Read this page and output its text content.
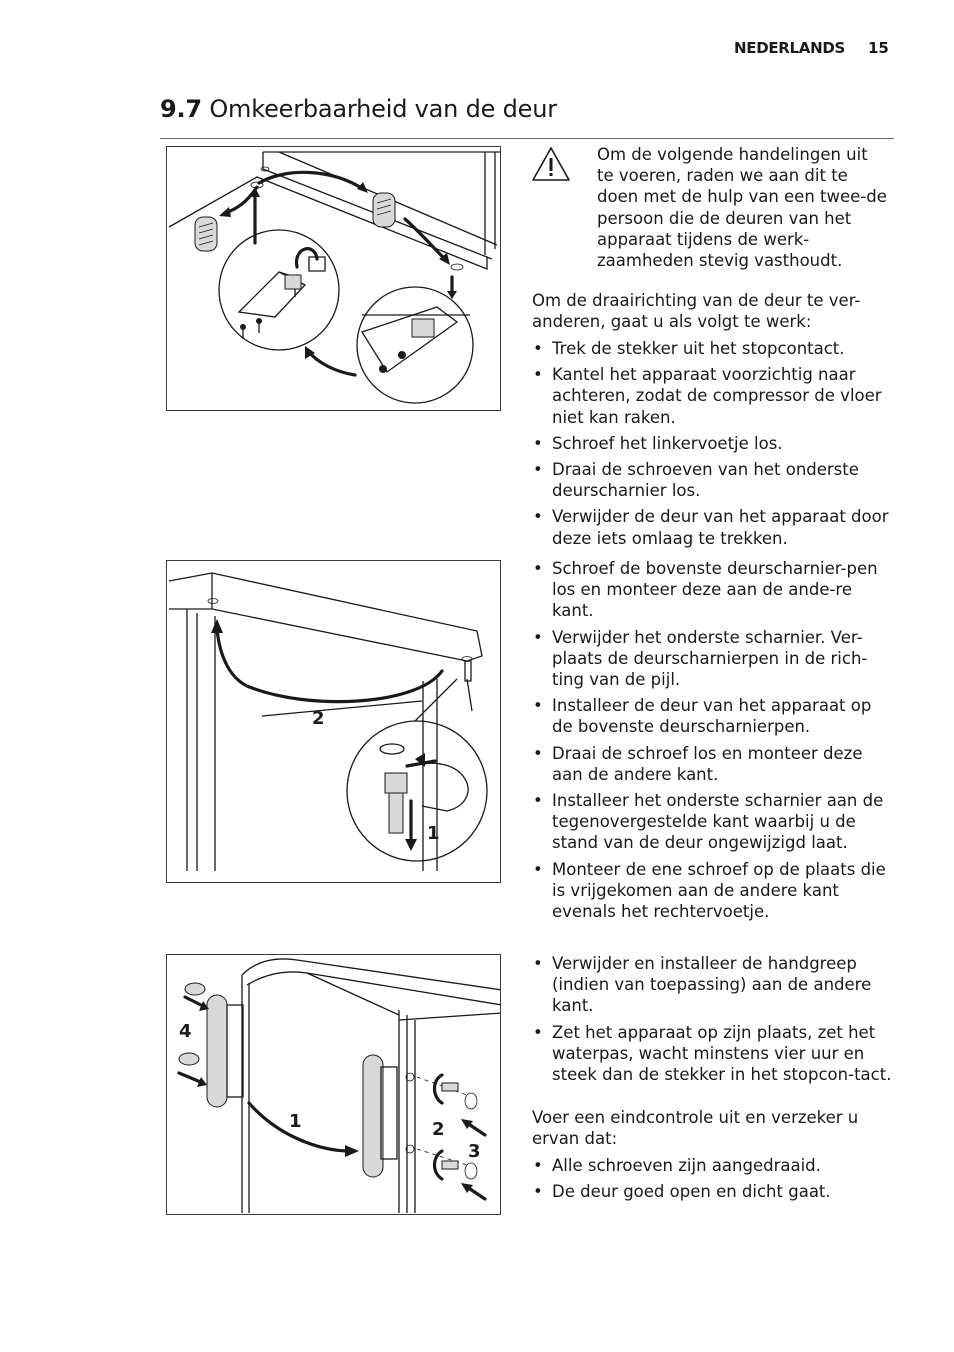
NEDERLANDS 15
9.7 Omkeerbaarheid van de deur
2
1
4
1	2
3
Om de volgende handelingen uit te voeren, raden we aan dit te doen met de hulp van een twee-de persoon die de deuren van het apparaat tijdens de werk-zaamheden stevig vasthoudt.
Om de draairichting van de deur te ver-anderen, gaat u als volgt te werk:
• Trek de stekker uit het stopcontact.
• Kantel het apparaat voorzichtig naar achteren, zodat de compressor de vloer niet kan raken.
• Schroef het linkervoetje los.
• Draai de schroeven van het onderste deurscharnier los.
• Verwijder de deur van het apparaat door deze iets omlaag te trekken.
• Schroef de bovenste deurscharnier-pen los en monteer deze aan de ande-re kant.
• Verwijder het onderste scharnier. Ver-plaats de deurscharnierpen in de rich-ting van de pijl.
• Installeer de deur van het apparaat op de bovenste deurscharnierpen.
• Draai de schroef los en monteer deze aan de andere kant.
• Installeer het onderste scharnier aan de tegenovergestelde kant waarbij u de stand van de deur ongewijzigd laat.
• Monteer de ene schroef op de plaats die is vrijgekomen aan de andere kant evenals het rechtervoetje.
• Verwijder en installeer de handgreep (indien van toepassing) aan de andere kant.
• Zet het apparaat op zijn plaats, zet het waterpas, wacht minstens vier uur en steek dan de stekker in het stopcon-tact.
Voer een eindcontrole uit en verzeker u ervan dat:
• Alle schroeven zijn aangedraaid.
• De deur goed open en dicht gaat.
